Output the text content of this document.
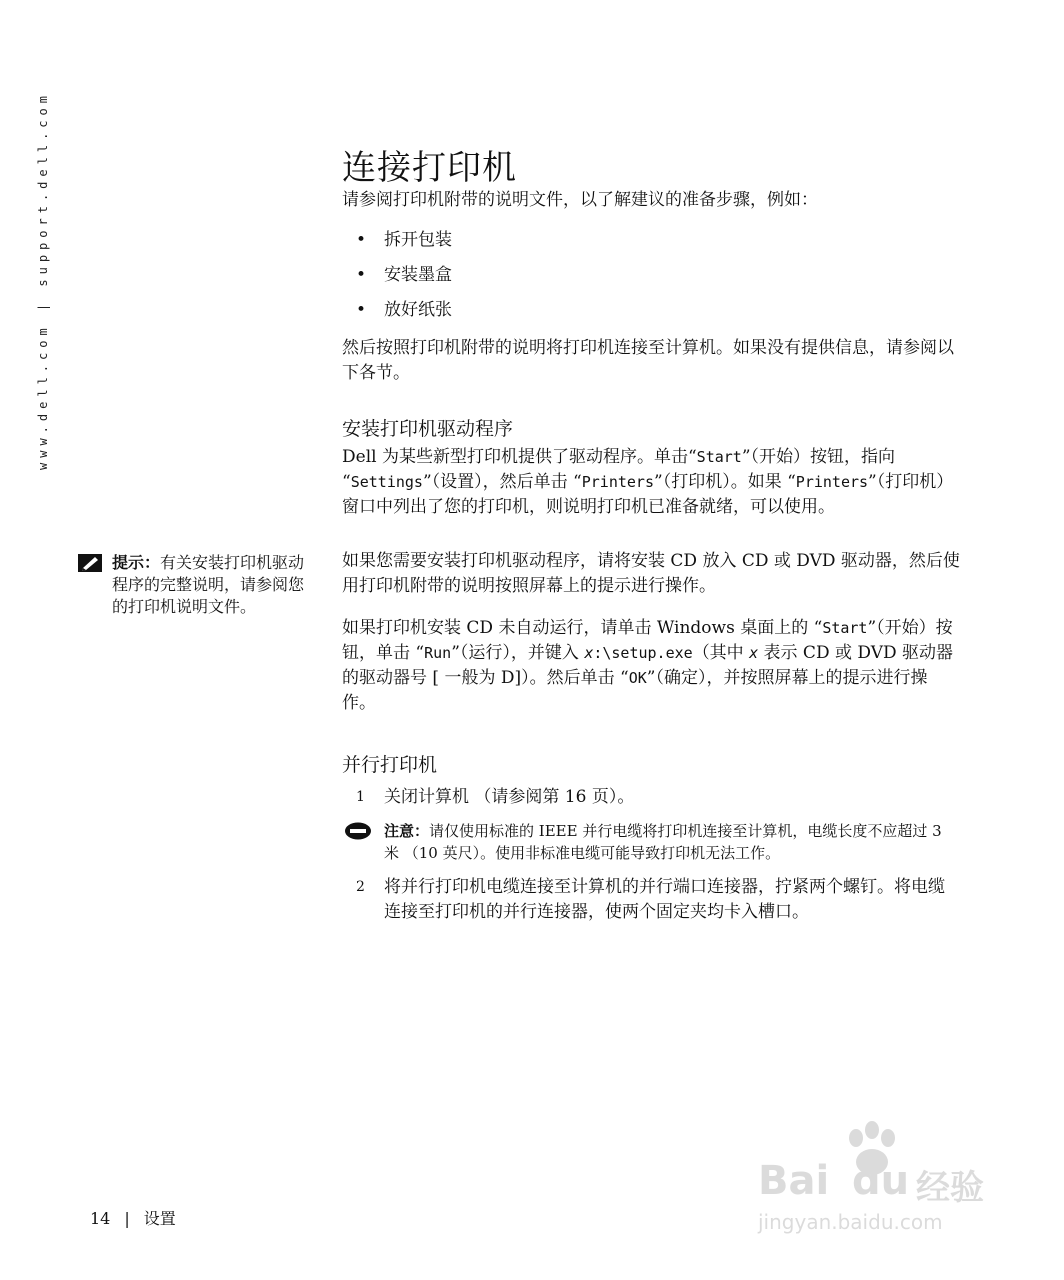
www.dell.com | support.dell.com	连接打印机

请参阅打印机附带的说明文件，以了解建议的准备步骤，例如：

• 拆开包装
• 安装墨盒
• 放好纸张

然后按照打印机附带的说明将打印机连接至计算机。如果没有提供信息，请参阅以下各节。

安装打印机驱动程序

Dell 为某些新型打印机提供了驱动程序。单击“Start”（开始）按钮，指向 “Settings”（设置），然后单击 “Printers”（打印机）。如果 “Printers”（打印机）窗口中列出了您的打印机，则说明打印机已准备就绪，可以使用。

如果您需要安装打印机驱动程序，请将安装 CD 放入 CD 或 DVD 驱动器，然后使用打印机附带的说明按照屏幕上的提示进行操作。

如果打印机安装 CD 未自动运行，请单击 Windows 桌面上的 “Start”（开始）按钮，单击 “Run”（运行），并键入 x:\setup.exe（其中 x 表示 CD 或 DVD 驱动器的驱动器号 [ 一般为 D]）。然后单击 “OK”（确定），并按照屏幕上的提示进行操作。

并行打印机
1 关闭计算机 （请参阅第 16 页）。
注意：请仅使用标准的 IEEE 并行电缆将打印机连接至计算机，电缆长度不应超过 3 米 （10 英尺）。使用非标准电缆可能导致打印机无法工作。
2 将并行打印机电缆连接至计算机的并行端口连接器，拧紧两个螺钉。将电缆连接至打印机的并行连接器，使两个固定夹均卡入槽口。
提示：有关安装打印机驱动程序的完整说明，请参阅您的打印机说明文件。
14 | 设置
Bai du 经验
jingyan.baidu.com
